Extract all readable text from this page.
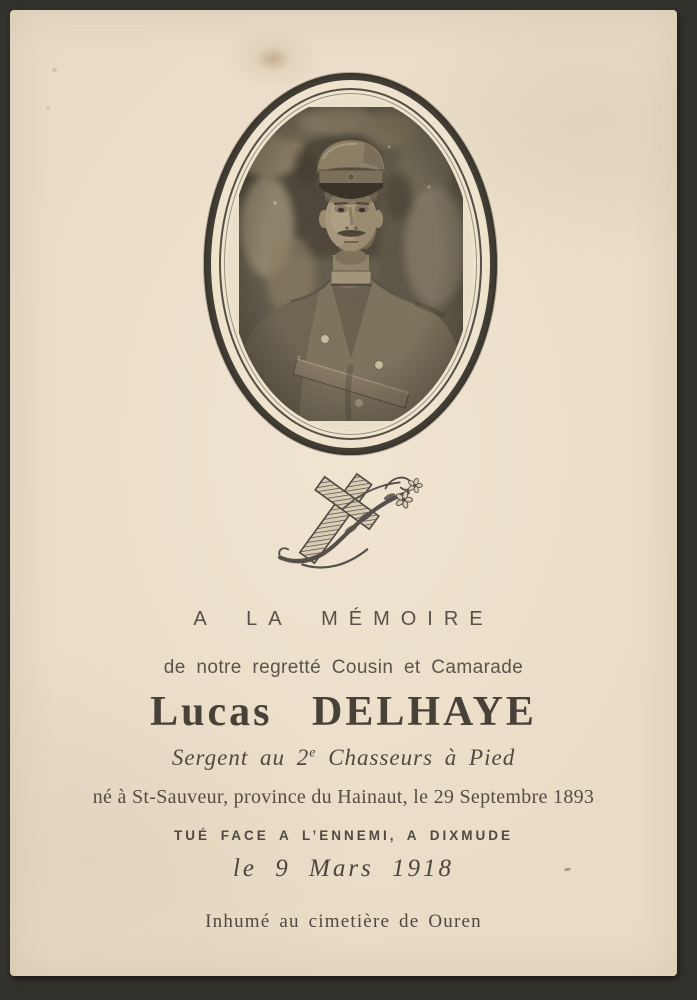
A LA MÉMOIRE
de notre regretté Cousin et Camarade
Lucas DELHAYE
Sergent au 2e Chasseurs à Pied
né à St-Sauveur, province du Hainaut, le 29 Septembre 1893
TUÉ FACE A L’ENNEMI, A DIXMUDE
le 9 Mars 1918
Inhumé au cimetière de Ouren
